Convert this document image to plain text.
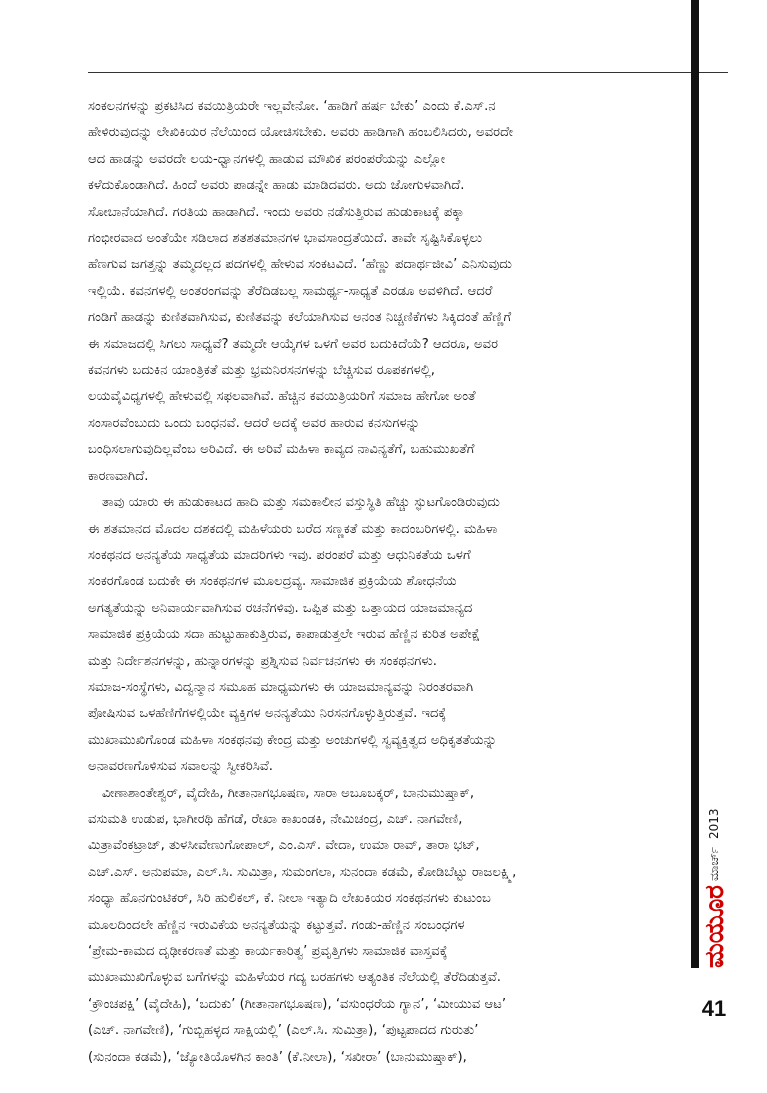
ಸಂಕಲನಗಳನ್ನು ಪ್ರಕಟಿಸಿದ ಕವಯಿತ್ರಿಯರೇ ಇಲ್ಲವೇನೋ. ‘ಹಾಡಿಗೆ ಹರ್ಷ ಬೇಕು’ ಎಂದು ಕೆ.ಎಸ್.ನ
ಹೇಳಿರುವುದನ್ನು ಲೇಖಿಕಿಯರ ನೆಲೆಯಿಂದ ಯೋಚಿಸಬೇಕು. ಅವರು ಹಾಡಿಗಾಗಿ ಹಂಬಲಿಸಿದರು, ಅವರದೇ
ಆದ ಹಾಡನ್ನು ಅವರದೇ ಲಯ-ಧ್ವಾನಗಳಲ್ಲಿ ಹಾಡುವ ಮೌಖಿಕ ಪರಂಪರೆಯನ್ನು ಎಲ್ಲೋ
ಕಳೆದುಕೊಂಡಾಗಿದೆ. ಹಿಂದೆ ಅವರು ಪಾಡನ್ನೇ ಹಾಡು ಮಾಡಿದವರು. ಅದು ಜೋಗುಳವಾಗಿದೆ.
ಸೋಬಾನೆಯಾಗಿದೆ. ಗರತಿಯ ಹಾಡಾಗಿದೆ. ಇಂದು ಅವರು ನಡೆಸುತ್ತಿರುವ ಹುಡುಕಾಟಕ್ಕೆ ಪಕ್ಕಾ
ಗಂಭೀರವಾದ ಅಂತೆಯೇ ಸಡಿಲಾದ ಶತಶತಮಾನಗಳ ಭಾವಸಾಂದ್ರತೆಯಿದೆ. ತಾವೇ ಸೃಷ್ಟಿಸಿಕೊಳ್ಳಲು
ಹೆಣಗುವ ಜಗತ್ತನ್ನು ತಮ್ಮದಲ್ಲದ ಪದಗಳಲ್ಲಿ ಹೇಳುವ ಸಂಕಟವಿದೆ. ‘ಹೆಣ್ಣು ಪದಾರ್ಥಜೀವಿ’ ಎನಿಸುವುದು
ಇಲ್ಲಿಯೆ. ಕವನಗಳಲ್ಲಿ ಅಂತರಂಗವನ್ನು ತೆರೆದಿಡಬಲ್ಲ ಸಾಮರ್ಥ್ಯ-ಸಾಧ್ಯತೆ ಎರಡೂ ಅವಳಿಗಿದೆ. ಆದರೆ
ಗಂಡಿಗೆ ಹಾಡನ್ನು ಕುಣಿತವಾಗಿಸುವ, ಕುಣಿತವನ್ನು ಕಲೆಯಾಗಿಸುವ ಅನಂತ ನಿಚ್ಚಣಿಕೆಗಳು ಸಿಕ್ಕಿದಂತೆ ಹೆಣ್ಣಿಗೆ
ಈ ಸಮಾಜದಲ್ಲಿ ಸಿಗಲು ಸಾಧ್ಯವೆ? ತಮ್ಮದೇ ಆಯ್ಕೆಗಳ ಒಳಗೆ ಅವರ ಬದುಕಿದೆಯೆ? ಆದರೂ, ಅವರ
ಕವನಗಳು ಬದುಕಿನ ಯಾಂತ್ರಿಕತೆ ಮತ್ತು ಭ್ರಮನಿರಸನಗಳನ್ನು ಬೆಚ್ಚಿಸುವ ರೂಪಕಗಳಲ್ಲಿ,
ಲಯವೈವಿಧ್ಯಗಳಲ್ಲಿ ಹೇಳುವಲ್ಲಿ ಸಫಲವಾಗಿವೆ. ಹೆಚ್ಚಿನ ಕವಯಿತ್ರಿಯರಿಗೆ ಸಮಾಜ ಹೇಗೋ ಅಂತೆ
ಸಂಸಾರವೆಂಬುದು ಒಂದು ಬಂಧನವೆ. ಆದರೆ ಅದಕ್ಕೆ ಅವರ ಹಾರುವ ಕನಸುಗಳನ್ನು
ಬಂಧಿಸಲಾಗುವುದಿಲ್ಲವೆಂಬ ಅರಿವಿದೆ. ಈ ಅರಿವೆ ಮಹಿಳಾ ಕಾವ್ಯದ ನಾವಿನ್ಯತೆಗೆ, ಬಹುಮುಖತೆಗೆ
ಕಾರಣವಾಗಿದೆ.

ತಾವು ಯಾರು ಈ ಹುಡುಕಾಟದ ಹಾದಿ ಮತ್ತು ಸಮಕಾಲೀನ ವಸ್ತುಸ್ಥಿತಿ ಹೆಚ್ಚು ಸ್ಫುಟಗೊಂಡಿರುವುದು
ಈ ಶತಮಾನದ ಮೊದಲ ದಶಕದಲ್ಲಿ ಮಹಿಳೆಯರು ಬರೆದ ಸಣ್ಣಕತೆ ಮತ್ತು ಕಾದಂಬರಿಗಳಲ್ಲಿ. ಮಹಿಳಾ
ಸಂಕಥನದ ಅನನ್ಯತೆಯ ಸಾಧ್ಯತೆಯ ಮಾದರಿಗಳು ಇವು. ಪರಂಪರೆ ಮತ್ತು ಆಧುನಿಕತೆಯ ಒಳಗೆ
ಸಂಕರಗೊಂಡ ಬದುಕೇ ಈ ಸಂಕಥನಗಳ ಮೂಲದ್ರವ್ಯ. ಸಾಮಾಜಿಕ ಪ್ರಕ್ರಿಯೆಯ ಶೋಧನೆಯ
ಅಗತ್ಯತೆಯನ್ನು ಅನಿವಾರ್ಯವಾಗಿಸುವ ರಚನೆಗಳಿವು. ಒಪ್ಪಿತ ಮತ್ತು ಒತ್ತಾಯದ ಯಾಜಮಾನ್ಯದ
ಸಾಮಾಜಿಕ ಪ್ರಕ್ರಿಯೆಯ ಸದಾ ಹುಟ್ಟುಹಾಕುತ್ತಿರುವ, ಕಾಪಾಡುತ್ತಲೇ ಇರುವ ಹೆಣ್ಣಿನ ಕುರಿತ ಅಪೇಕ್ಷೆ
ಮತ್ತು ನಿರ್ದೇಶನಗಳನ್ನು, ಹುನ್ನಾರಗಳನ್ನು ಪ್ರಶ್ನಿಸುವ ನಿರ್ವಚನಗಳು ಈ ಸಂಕಥನಗಳು.
ಸಮಾಜ-ಸಂಸ್ಥೆಗಳು, ವಿದ್ವನ್ಮಾನ ಸಮೂಹ ಮಾಧ್ಯಮಗಳು ಈ ಯಾಜಮಾನ್ಯವನ್ನು ನಿರಂತರವಾಗಿ
ಪೋಷಿಸುವ ಒಳಹೆಣಿಗೆಗಳಲ್ಲಿಯೇ ವ್ಯಕ್ತಿಗಳ ಅನನ್ಯತೆಯು ನಿರಸನಗೊಳ್ಳುತ್ತಿರುತ್ತವೆ. ಇದಕ್ಕೆ
ಮುಖಾಮುಖಿಗೊಂಡ ಮಹಿಳಾ ಸಂಕಥನವು ಕೇಂದ್ರ ಮತ್ತು ಅಂಚುಗಳಲ್ಲಿ ಸ್ವವ್ಯಕ್ತಿತ್ವದ ಅಧಿಕೃತತೆಯನ್ನು
ಅನಾವರಣಗೊಳಿಸುವ ಸವಾಲನ್ನು ಸ್ವೀಕರಿಸಿವೆ.

ವೀಣಾಶಾಂತೇಶ್ವರ್, ವೈದೇಹಿ, ಗೀತಾನಾಗಭೂಷಣ, ಸಾರಾ ಅಬೂಬಕ್ಕರ್, ಬಾನುಮುಷ್ತಾಕ್,
ವಸುಮತಿ ಉಡುಪ, ಭಾಗೀರಥಿ ಹೆಗಡೆ, ರೇಖಾ ಕಾಖಂಡಕಿ, ನೇಮಿಚಂದ್ರ, ಎಚ್. ನಾಗವೇಣಿ,
ಮಿತ್ರಾವೆಂಕಟ್ರಾಜ್, ತುಳಸೀವೇಣುಗೋಪಾಲ್, ಎಂ.ಎಸ್. ವೇದಾ, ಉಮಾ ರಾವ್, ತಾರಾ ಭಟ್,
ಎಚ್.ಎಸ್. ಅನುಪಮಾ, ಎಲ್.ಸಿ. ಸುಮಿತ್ರಾ, ಸುಮಂಗಲಾ, ಸುನಂದಾ ಕಡಮೆ, ಕೋಡಿಬೆಟ್ಟು ರಾಜಲಕ್ಷ್ಮಿ,
ಸಂಧ್ಯಾ ಹೊನಗುಂಟಿಕರ್, ಸಿರಿ ಹುಲಿಕಲ್, ಕೆ. ನೀಲಾ ಇತ್ಯಾದಿ ಲೇಖಕಿಯರ ಸಂಕಥನಗಳು ಕುಟುಂಬ
ಮೂಲದಿಂದಲೇ ಹೆಣ್ಣಿನ ಇರುವಿಕೆಯ ಅನನ್ಯತೆಯನ್ನು ಕಟ್ಟುತ್ತವೆ. ಗಂಡು-ಹೆಣ್ಣಿನ ಸಂಬಂಧಗಳ
‘ಪ್ರೇಮ-ಕಾಮದ ದೃಢೀಕರಣತೆ ಮತ್ತು ಕಾರ್ಯಕಾರಿತ್ವ’ ಪ್ರವೃತ್ತಿಗಳು ಸಾಮಾಜಿಕ ವಾಸ್ತವಕ್ಕೆ
ಮುಖಾಮುಖಿಗೊಳ್ಳುವ ಬಗೆಗಳನ್ನು ಮಹಿಳೆಯರ ಗದ್ಯ ಬರಹಗಳು ಆತ್ಯಂತಿಕ ನೆಲೆಯಲ್ಲಿ ತೆರೆದಿಡುತ್ತವೆ.
‘ಕ್ರೌಂಚಪಕ್ಷಿ’ (ವೈದೇಹಿ), ‘ಬದುಕು’ (ಗೀತಾನಾಗಭೂಷಣ), ‘ವಸುಂಧರೆಯ ಗ್ಯಾನ’, ‘ಮೀಯುವ ಆಟ’
(ಎಚ್. ನಾಗವೇಣಿ), ‘ಗುಬ್ಬಿಹಳ್ಳದ ಸಾಕ್ಷಿಯಲ್ಲಿ’ (ಎಲ್.ಸಿ. ಸುಮಿತ್ರಾ), ‘ಪುಟ್ಟಪಾದದ ಗುರುತು’
(ಸುನಂದಾ ಕಡಮೆ), ‘ಜ್ಯೋತಿಯೊಳಗಿನ ಕಾಂತಿ’ (ಕೆ.ನೀಲಾ), ‘ಸಖೀರಾ’ (ಬಾನುಮುಷ್ತಾಕ್),

2013
ಮಾರ್ಚ್
ಮಯೂರ
41
